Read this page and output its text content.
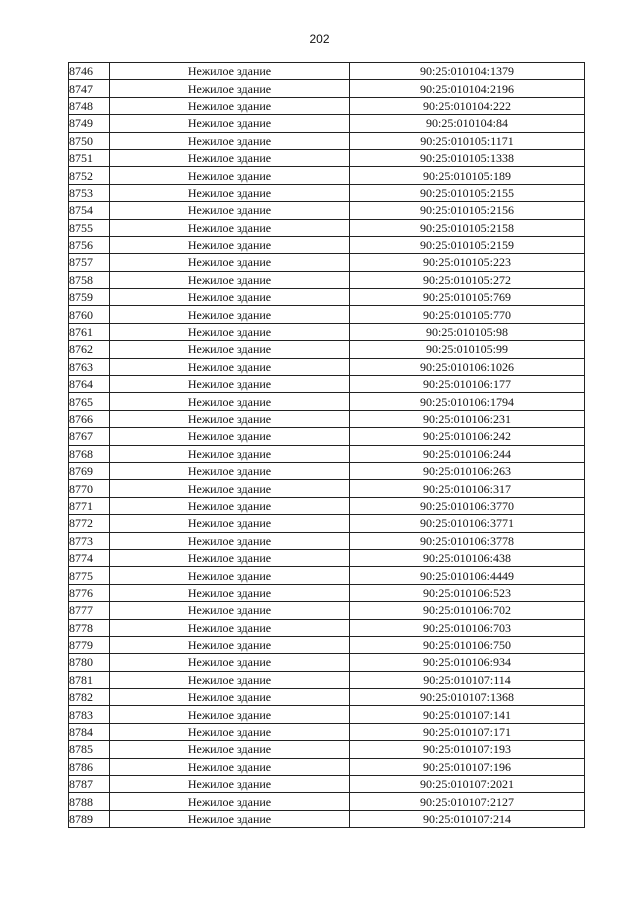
202
8746	Нежилое здание	90:25:010104:1379
8747	Нежилое здание	90:25:010104:2196
8748	Нежилое здание	90:25:010104:222
8749	Нежилое здание	90:25:010104:84
8750	Нежилое здание	90:25:010105:1171
8751	Нежилое здание	90:25:010105:1338
8752	Нежилое здание	90:25:010105:189
8753	Нежилое здание	90:25:010105:2155
8754	Нежилое здание	90:25:010105:2156
8755	Нежилое здание	90:25:010105:2158
8756	Нежилое здание	90:25:010105:2159
8757	Нежилое здание	90:25:010105:223
8758	Нежилое здание	90:25:010105:272
8759	Нежилое здание	90:25:010105:769
8760	Нежилое здание	90:25:010105:770
8761	Нежилое здание	90:25:010105:98
8762	Нежилое здание	90:25:010105:99
8763	Нежилое здание	90:25:010106:1026
8764	Нежилое здание	90:25:010106:177
8765	Нежилое здание	90:25:010106:1794
8766	Нежилое здание	90:25:010106:231
8767	Нежилое здание	90:25:010106:242
8768	Нежилое здание	90:25:010106:244
8769	Нежилое здание	90:25:010106:263
8770	Нежилое здание	90:25:010106:317
8771	Нежилое здание	90:25:010106:3770
8772	Нежилое здание	90:25:010106:3771
8773	Нежилое здание	90:25:010106:3778
8774	Нежилое здание	90:25:010106:438
8775	Нежилое здание	90:25:010106:4449
8776	Нежилое здание	90:25:010106:523
8777	Нежилое здание	90:25:010106:702
8778	Нежилое здание	90:25:010106:703
8779	Нежилое здание	90:25:010106:750
8780	Нежилое здание	90:25:010106:934
8781	Нежилое здание	90:25:010107:114
8782	Нежилое здание	90:25:010107:1368
8783	Нежилое здание	90:25:010107:141
8784	Нежилое здание	90:25:010107:171
8785	Нежилое здание	90:25:010107:193
8786	Нежилое здание	90:25:010107:196
8787	Нежилое здание	90:25:010107:2021
8788	Нежилое здание	90:25:010107:2127
8789	Нежилое здание	90:25:010107:214
